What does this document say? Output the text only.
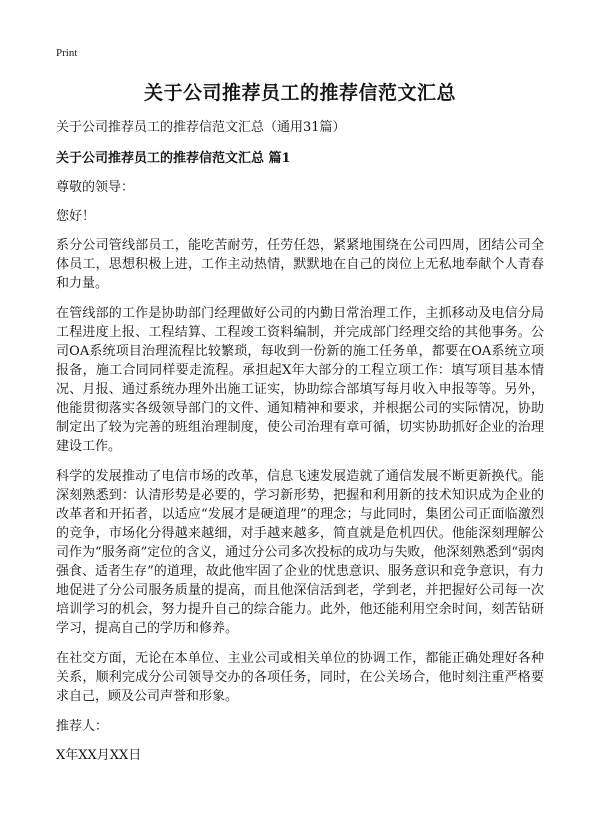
Print
关于公司推荐员工的推荐信范文汇总

关于公司推荐员工的推荐信范文汇总（通用31篇）

关于公司推荐员工的推荐信范文汇总 篇1

尊敬的领导：

您好！

系分公司管线部员工，能吃苦耐劳，任劳任怨，紧紧地围绕在公司四周，团结公司全体员工，思想积极上进，工作主动热情，默默地在自己的岗位上无私地奉献个人青春和力量。

在管线部的工作是协助部门经理做好公司的内勤日常治理工作，主抓移动及电信分局工程进度上报、工程结算、工程竣工资料编制，并完成部门经理交给的其他事务。公司OA系统项目治理流程比较繁琐，每收到一份新的施工任务单，都要在OA系统立项报备，施工合同同样要走流程。承担起X年大部分的工程立项工作：填写项目基本情况、月报、通过系统办理外出施工证实，协助综合部填写每月收入申报等等。另外，他能贯彻落实各级领导部门的文件、通知精神和要求，并根据公司的实际情况，协助制定出了较为完善的班组治理制度，使公司治理有章可循，切实协助抓好企业的治理建设工作。

科学的发展推动了电信市场的改革，信息飞速发展造就了通信发展不断更新换代。能深刻熟悉到：认清形势是必要的，学习新形势，把握和利用新的技术知识成为企业的改革者和开拓者，以适应“发展才是硬道理”的理念；与此同时，集团公司正面临激烈的竞争，市场化分得越来越细，对手越来越多，简直就是危机四伏。他能深刻理解公司作为“服务商”定位的含义，通过分公司多次投标的成功与失败，他深刻熟悉到“弱肉强食、适者生存”的道理，故此他牢固了企业的忧患意识、服务意识和竞争意识，有力地促进了分公司服务质量的提高，而且他深信活到老，学到老，并把握好公司每一次培训学习的机会，努力提升自己的综合能力。此外，他还能利用空余时间，刻苦钻研学习，提高自己的学历和修养。

在社交方面，无论在本单位、主业公司或相关单位的协调工作，都能正确处理好各种关系，顺利完成分公司领导交办的各项任务，同时，在公关场合，他时刻注重严格要求自己，顾及公司声誉和形象。

推荐人：

X年XX月XX日
